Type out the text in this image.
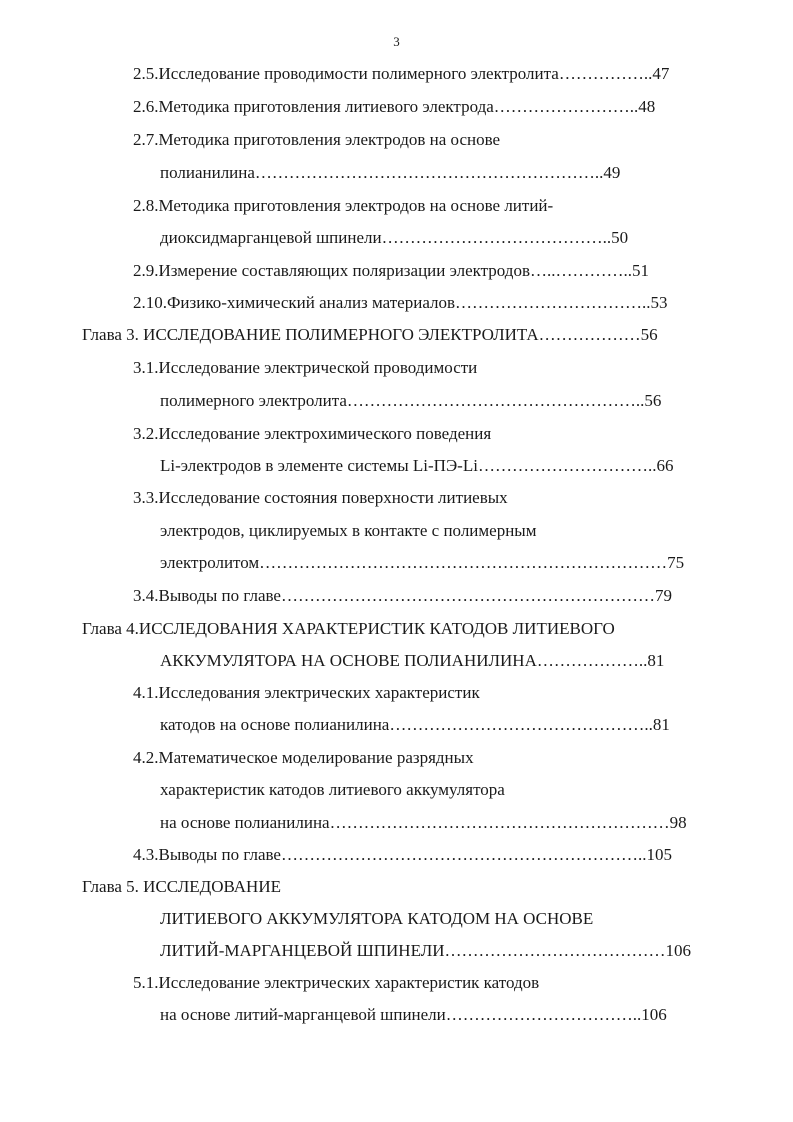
3
2.5.Исследование проводимости полимерного электролита……………..47
2.6.Методика приготовления литиевого электрода……………………..48
2.7.Методика приготовления электродов на основе
полианилина……………………………………………………..49
2.8.Методика приготовления электродов на основе литий-
диоксидмарганцевой шпинели…………………………………..50
2.9.Измерение составляющих поляризации электродов…..…………..51
2.10.Физико-химический анализ материалов……………………………..53
Глава 3. ИССЛЕДОВАНИЕ ПОЛИМЕРНОГО ЭЛЕКТРОЛИТА………………56
3.1.Исследование электрической проводимости
полимерного электролита……………………………………………..56
3.2.Исследование электрохимического поведения
Li-электродов в элементе системы Li-ПЭ-Li…………………………..66
3.3.Исследование состояния поверхности литиевых
электродов, циклируемых в контакте с полимерным
электролитом………………………………………………………………75
3.4.Выводы по главе…………………………………………………………79
Глава 4.ИССЛЕДОВАНИЯ ХАРАКТЕРИСТИК КАТОДОВ ЛИТИЕВОГО
АККУМУЛЯТОРА НА ОСНОВЕ ПОЛИАНИЛИНА………………..81
4.1.Исследования электрических характеристик
катодов на основе полианилина………………………………………..81
4.2.Математическое моделирование разрядных
характеристик катодов литиевого аккумулятора
на основе полианилина……………………………………………………98
4.3.Выводы по главе………………………………………………………..105
Глава 5. ИССЛЕДОВАНИЕ
ЛИТИЕВОГО АККУМУЛЯТОРА КАТОДОМ НА ОСНОВЕ
ЛИТИЙ-МАРГАНЦЕВОЙ ШПИНЕЛИ…………………………………106
5.1.Исследование электрических характеристик катодов
на основе литий-марганцевой шпинели……………………………..106
